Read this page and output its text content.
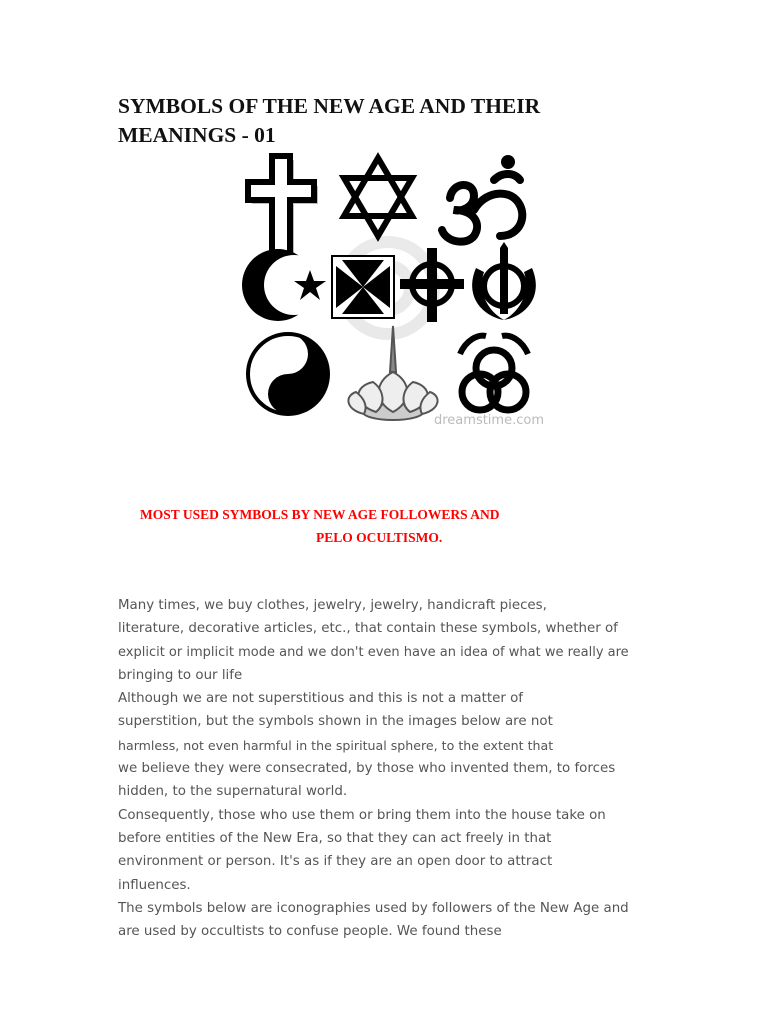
SYMBOLS OF THE NEW AGE AND THEIR
MEANINGS - 01
dreamstime.com
MOST USED SYMBOLS BY NEW AGE FOLLOWERS AND
PELO OCULTISMO.
Many times, we buy clothes, jewelry, jewelry, handicraft pieces,
literature, decorative articles, etc., that contain these symbols, whether of
explicit or implicit mode and we don't even have an idea of what we really are
bringing to our life
Although we are not superstitious and this is not a matter of
superstition, but the symbols shown in the images below are not
harmless, not even harmful in the spiritual sphere, to the extent that
we believe they were consecrated, by those who invented them, to forces
hidden, to the supernatural world.
Consequently, those who use them or bring them into the house take on
before entities of the New Era, so that they can act freely in that
environment or person. It's as if they are an open door to attract
influences.
The symbols below are iconographies used by followers of the New Age and
are used by occultists to confuse people. We found these
